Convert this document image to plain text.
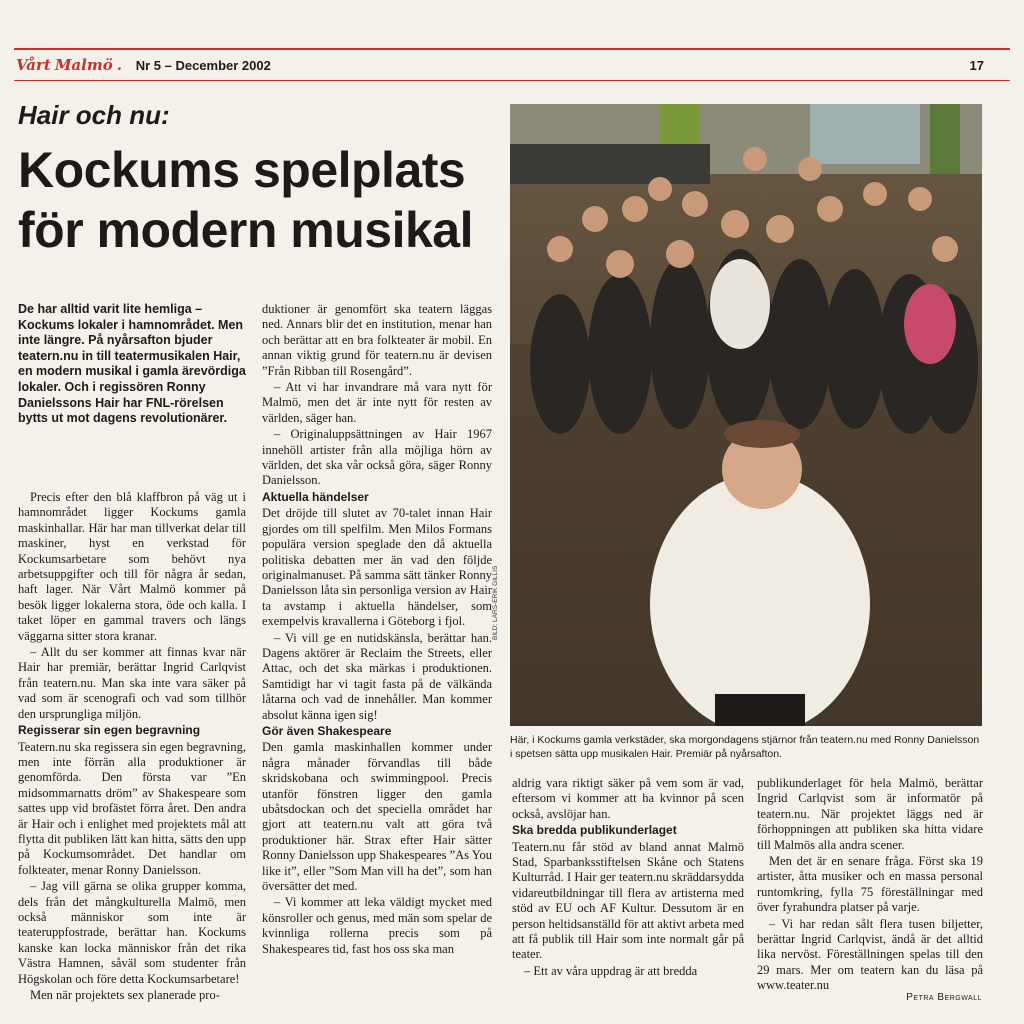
Vårt Malmö . Nr 5 – December 2002	17
Hair och nu:
Kockums spelplats
för modern musikal
De har alltid varit lite hemliga – Kockums lokaler i hamnområdet. Men inte längre. På nyårsafton bjuder teatern.nu in till teatermusikalen Hair, en modern musikal i gamla ärevördiga lokaler. Och i regissören Ronny Danielssons Hair har FNL-rörelsen bytts ut mot dagens revolutionärer.

Precis efter den blå klaffbron på väg ut i hamnområdet ligger Kockums gamla maskinhallar. Här har man tillverkat delar till maskiner, hyst en verkstad för Kockumsarbetare som behövt nya arbetsuppgifter och till för några år sedan, haft lager. När Vårt Malmö kommer på besök ligger lokalerna stora, öde och kalla. I taket löper en gammal travers och längs väggarna sitter stora kranar.

– Allt du ser kommer att finnas kvar när Hair har premiär, berättar Ingrid Carlqvist från teatern.nu. Man ska inte vara säker på vad som är scenografi och vad som tillhör den ursprungliga miljön.

Regisserar sin egen begravning

Teatern.nu ska regissera sin egen begravning, men inte förrän alla produktioner är genomförda. Den första var ”En midsommarnatts dröm” av Shakespeare som sattes upp vid brofästet förra året. Den andra är Hair och i enlighet med projektets mål att flytta dit publiken lätt kan hitta, sätts den upp på Kockumsområdet. Det handlar om folkteater, menar Ronny Danielsson.

– Jag vill gärna se olika grupper komma, dels från det mångkulturella Malmö, men också människor som inte är teateruppfostrade, berättar han. Kockums kanske kan locka människor från det rika Västra Hamnen, såväl som studenter från Högskolan och före detta Kockumsarbetare!

Men när projektets sex planerade pro-

duktioner är genomfört ska teatern läggas ned. Annars blir det en institution, menar han och berättar att en bra folkteater är mobil. En annan viktig grund för teatern.nu är devisen ”Från Ribban till Rosengård”.

– Att vi har invandrare må vara nytt för Malmö, men det är inte nytt för resten av världen, säger han.

– Originaluppsättningen av Hair 1967 innehöll artister från alla möjliga hörn av världen, det ska vår också göra, säger Ronny Danielsson.

Aktuella händelser

Det dröjde till slutet av 70-talet innan Hair gjordes om till spelfilm. Men Milos Formans populära version speglade den då aktuella politiska debatten mer än vad den följde originalmanuset. På samma sätt tänker Ronny Danielsson låta sin personliga version av Hair ta avstamp i aktuella händelser, som exempelvis kravallerna i Göteborg i fjol.

– Vi vill ge en nutidskänsla, berättar han. Dagens aktörer är Reclaim the Streets, eller Attac, och det ska märkas i produktionen. Samtidigt har vi tagit fasta på de välkända låtarna och vad de innehåller. Man kommer absolut känna igen sig!

Gör även Shakespeare

Den gamla maskinhallen kommer under några månader förvandlas till både skridskobana och swimmingpool. Precis utanför fönstren ligger den gamla ubåtsdockan och det speciella området har gjort att teatern.nu valt att göra två produktioner här. Strax efter Hair sätter Ronny Danielsson upp Shakespeares ”As You like it”, eller ”Som Man vill ha det”, som han översätter det med.

– Vi kommer att leka väldigt mycket med könsroller och genus, med män som spelar de kvinnliga rollerna precis som på Shakespeares tid, fast hos oss ska man

BILD: LARS-ERIK GILLIS
Här, i Kockums gamla verkstäder, ska morgondagens stjärnor från teatern.nu med Ronny Danielsson i spetsen sätta upp musikalen Hair. Premiär på nyårsafton.

aldrig vara riktigt säker på vem som är vad, eftersom vi kommer att ha kvinnor på scen också, avslöjar han.

Ska bredda publikunderlaget

Teatern.nu får stöd av bland annat Malmö Stad, Sparbanksstiftelsen Skåne och Statens Kulturråd. I Hair ger teatern.nu skräddarsydda vidareutbildningar till flera av artisterna med stöd av EU och AF Kultur. Dessutom är en person heltidsanställd för att aktivt arbeta med att få publik till Hair som inte normalt går på teater.

– Ett av våra uppdrag är att bredda

publikunderlaget för hela Malmö, berättar Ingrid Carlqvist som är informatör på teatern.nu. När projektet läggs ned är förhoppningen att publiken ska hitta vidare till Malmös alla andra scener.

Men det är en senare fråga. Först ska 19 artister, åtta musiker och en massa personal runtomkring, fylla 75 föreställningar med över fyrahundra platser på varje.

– Vi har redan sålt flera tusen biljetter, berättar Ingrid Carlqvist, ändå är det alltid lika nervöst. Föreställningen spelas till den 29 mars. Mer om teatern kan du läsa på www.teater.nu

Petra Bergwall
